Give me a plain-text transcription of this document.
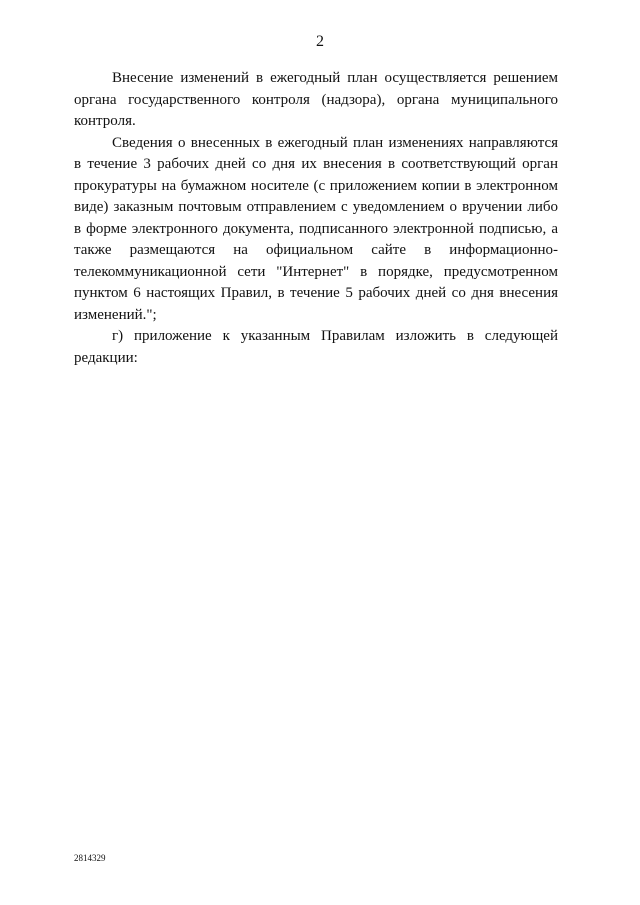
2

Внесение изменений в ежегодный план осуществляется решением органа государственного контроля (надзора), органа муниципального контроля.

Сведения о внесенных в ежегодный план изменениях направляются в течение 3 рабочих дней со дня их внесения в соответствующий орган прокуратуры на бумажном носителе (с приложением копии в электронном виде) заказным почтовым отправлением с уведомлением о вручении либо в форме электронного документа, подписанного электронной подписью, а также размещаются на официальном сайте в информационно-телекоммуникационной сети "Интернет" в порядке, предусмотренном пунктом 6 настоящих Правил, в течение 5 рабочих дней со дня внесения изменений.";

г) приложение к указанным Правилам изложить в следующей редакции:

2814329
